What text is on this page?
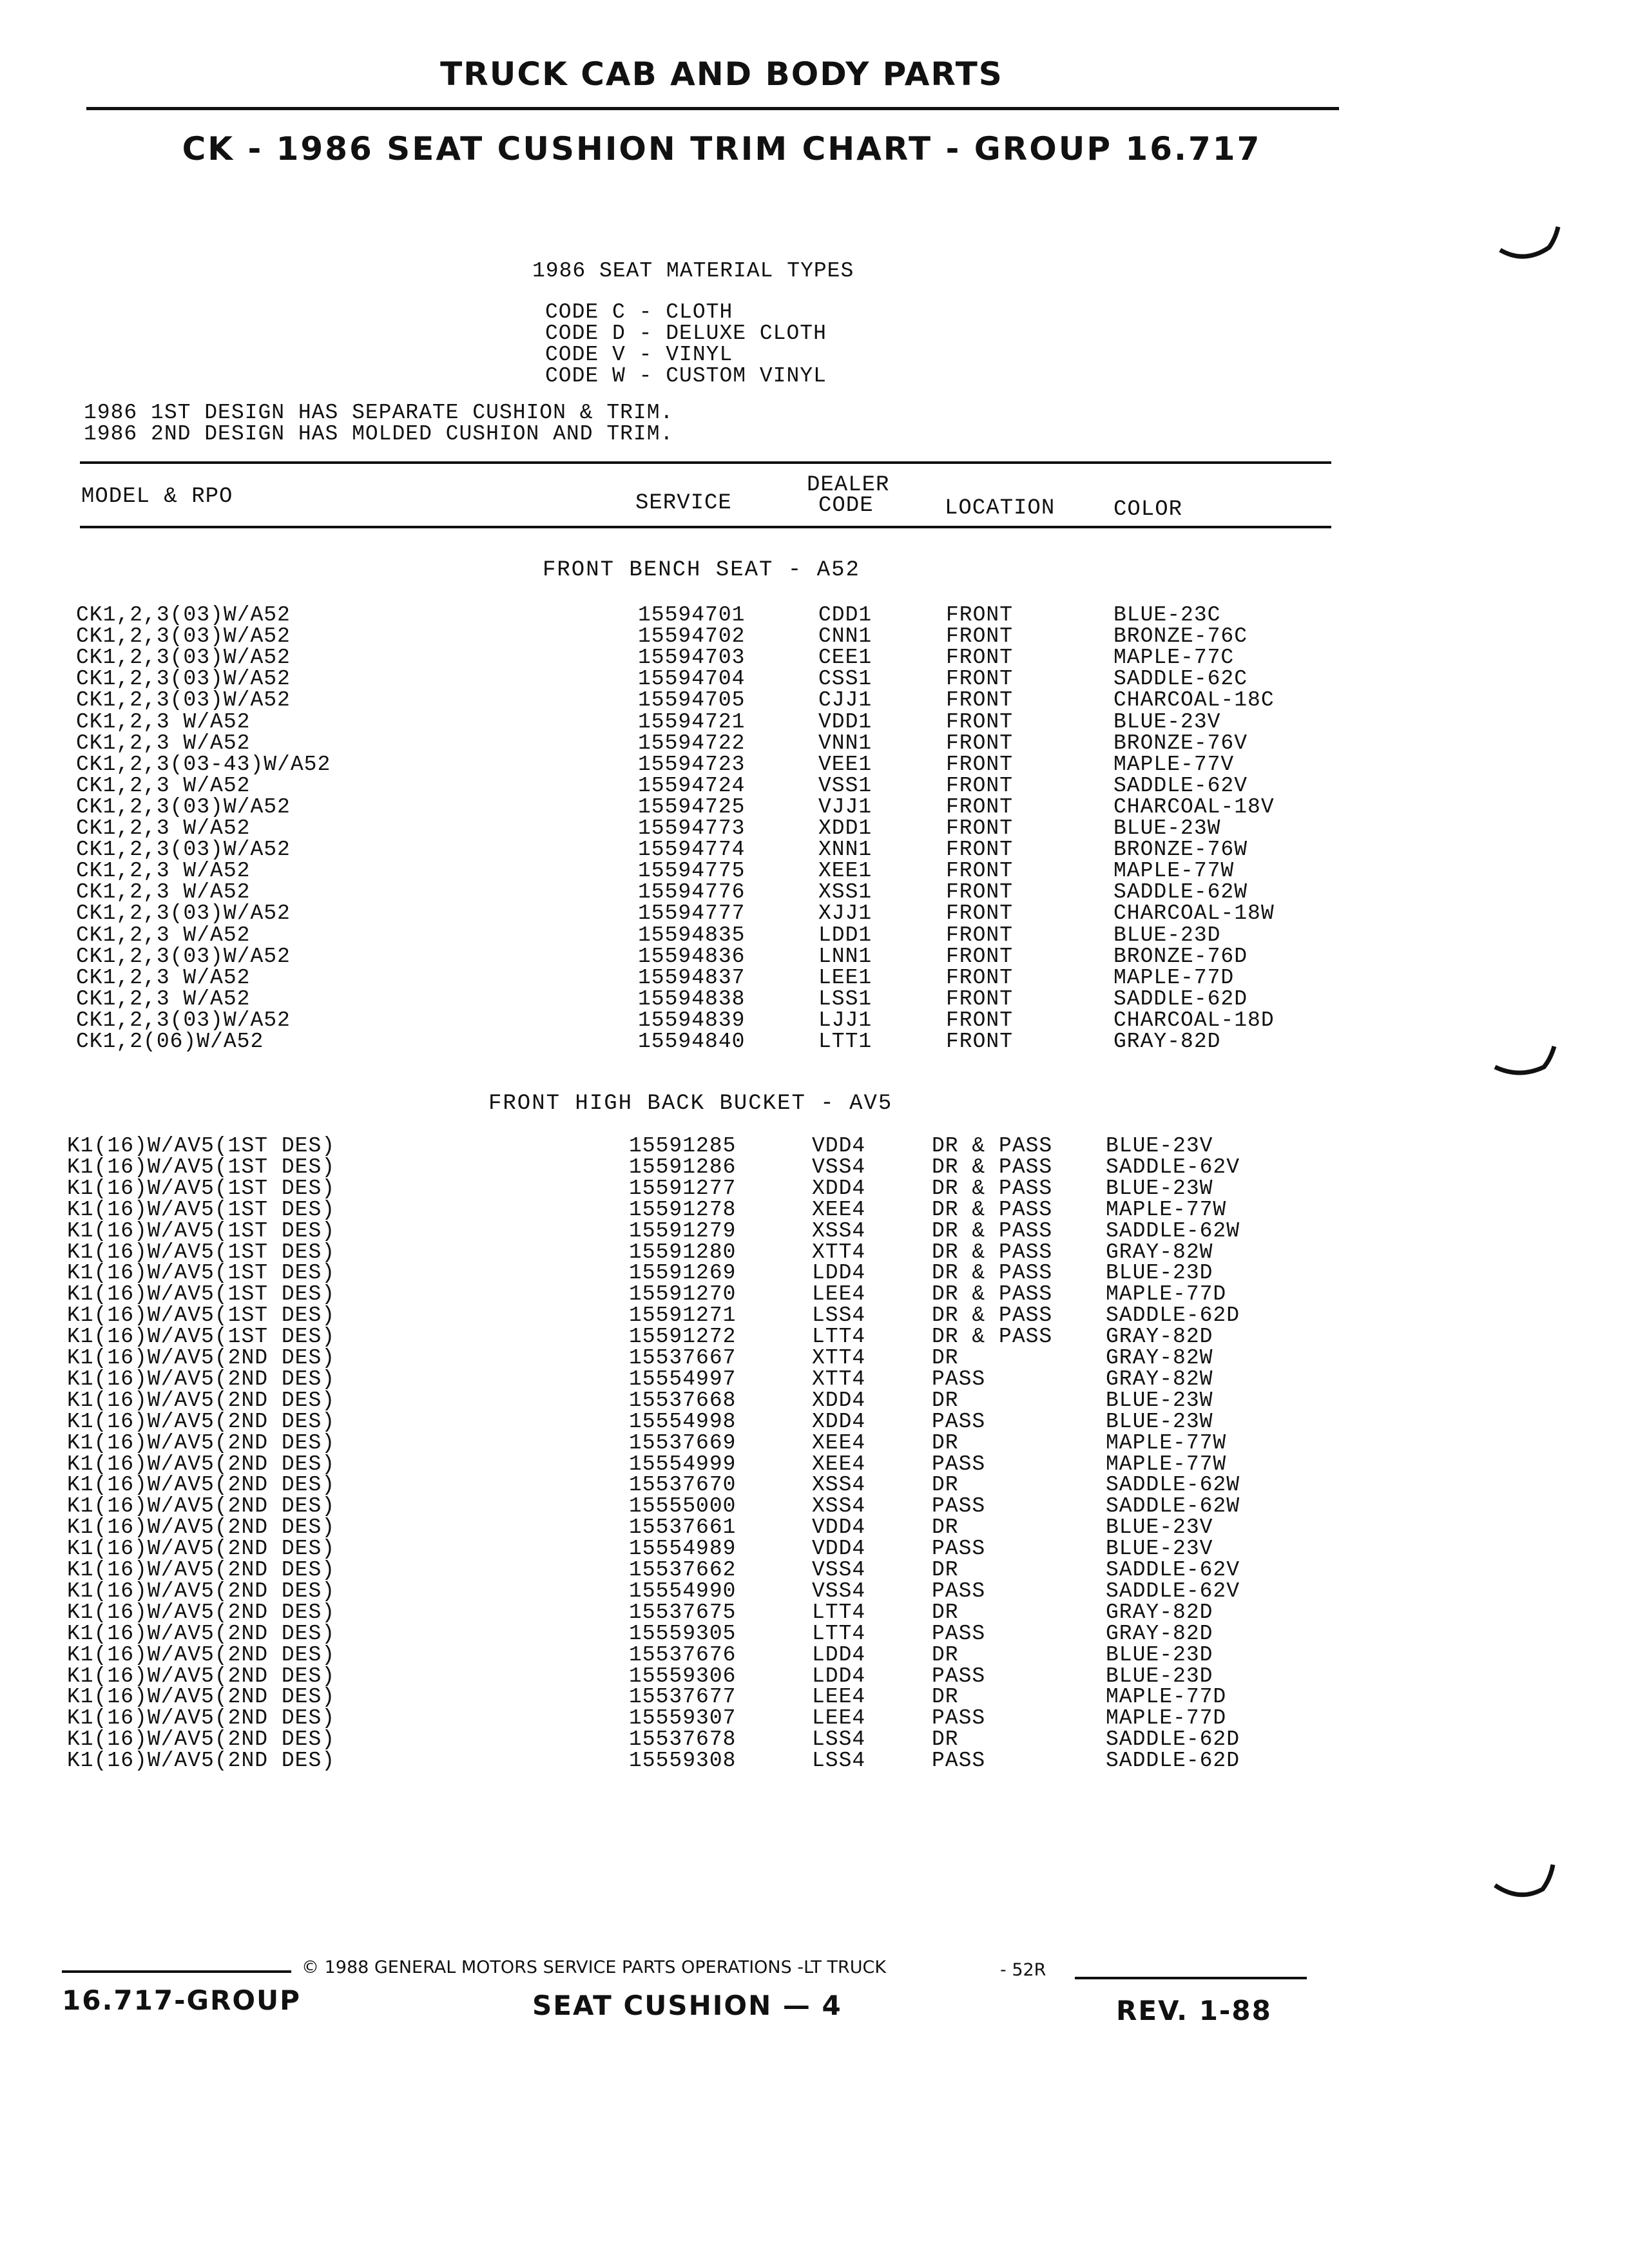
TRUCK CAB AND BODY PARTS
CK - 1986 SEAT CUSHION TRIM CHART - GROUP 16.717
1986 SEAT MATERIAL TYPES
CODE C - CLOTH
CODE D - DELUXE CLOTH
CODE V - VINYL
CODE W - CUSTOM VINYL
1986 1ST DESIGN HAS SEPARATE CUSHION & TRIM.
1986 2ND DESIGN HAS MOLDED CUSHION AND TRIM.
MODEL & RPO	SERVICE
DEALER
CODE	LOCATION	COLOR
FRONT BENCH SEAT - A52
CK1,2,3(03)W/A52	15594701	CDD1	FRONT	BLUE-23C
CK1,2,3(03)W/A52	15594702	CNN1	FRONT	BRONZE-76C
CK1,2,3(03)W/A52	15594703	CEE1	FRONT	MAPLE-77C
CK1,2,3(03)W/A52	15594704	CSS1	FRONT	SADDLE-62C
CK1,2,3(03)W/A52	15594705	CJJ1	FRONT	CHARCOAL-18C
CK1,2,3 W/A52	15594721	VDD1	FRONT	BLUE-23V
CK1,2,3 W/A52	15594722	VNN1	FRONT	BRONZE-76V
CK1,2,3(03-43)W/A52	15594723	VEE1	FRONT	MAPLE-77V
CK1,2,3 W/A52	15594724	VSS1	FRONT	SADDLE-62V
CK1,2,3(03)W/A52	15594725	VJJ1	FRONT	CHARCOAL-18V
CK1,2,3 W/A52	15594773	XDD1	FRONT	BLUE-23W
CK1,2,3(03)W/A52	15594774	XNN1	FRONT	BRONZE-76W
CK1,2,3 W/A52	15594775	XEE1	FRONT	MAPLE-77W
CK1,2,3 W/A52	15594776	XSS1	FRONT	SADDLE-62W
CK1,2,3(03)W/A52	15594777	XJJ1	FRONT	CHARCOAL-18W
CK1,2,3 W/A52	15594835	LDD1	FRONT	BLUE-23D
CK1,2,3(03)W/A52	15594836	LNN1	FRONT	BRONZE-76D
CK1,2,3 W/A52	15594837	LEE1	FRONT	MAPLE-77D
CK1,2,3 W/A52	15594838	LSS1	FRONT	SADDLE-62D
CK1,2,3(03)W/A52	15594839	LJJ1	FRONT	CHARCOAL-18D
CK1,2(06)W/A52	15594840	LTT1	FRONT	GRAY-82D
FRONT HIGH BACK BUCKET - AV5
K1(16)W/AV5(1ST DES)	15591285	VDD4	DR & PASS	BLUE-23V
K1(16)W/AV5(1ST DES)	15591286	VSS4	DR & PASS	SADDLE-62V
K1(16)W/AV5(1ST DES)	15591277	XDD4	DR & PASS	BLUE-23W
K1(16)W/AV5(1ST DES)	15591278	XEE4	DR & PASS	MAPLE-77W
K1(16)W/AV5(1ST DES)	15591279	XSS4	DR & PASS	SADDLE-62W
K1(16)W/AV5(1ST DES)	15591280	XTT4	DR & PASS	GRAY-82W
K1(16)W/AV5(1ST DES)	15591269	LDD4	DR & PASS	BLUE-23D
K1(16)W/AV5(1ST DES)	15591270	LEE4	DR & PASS	MAPLE-77D
K1(16)W/AV5(1ST DES)	15591271	LSS4	DR & PASS	SADDLE-62D
K1(16)W/AV5(1ST DES)	15591272	LTT4	DR & PASS	GRAY-82D
K1(16)W/AV5(2ND DES)	15537667	XTT4	DR	GRAY-82W
K1(16)W/AV5(2ND DES)	15554997	XTT4	PASS	GRAY-82W
K1(16)W/AV5(2ND DES)	15537668	XDD4	DR	BLUE-23W
K1(16)W/AV5(2ND DES)	15554998	XDD4	PASS	BLUE-23W
K1(16)W/AV5(2ND DES)	15537669	XEE4	DR	MAPLE-77W
K1(16)W/AV5(2ND DES)	15554999	XEE4	PASS	MAPLE-77W
K1(16)W/AV5(2ND DES)	15537670	XSS4	DR	SADDLE-62W
K1(16)W/AV5(2ND DES)	15555000	XSS4	PASS	SADDLE-62W
K1(16)W/AV5(2ND DES)	15537661	VDD4	DR	BLUE-23V
K1(16)W/AV5(2ND DES)	15554989	VDD4	PASS	BLUE-23V
K1(16)W/AV5(2ND DES)	15537662	VSS4	DR	SADDLE-62V
K1(16)W/AV5(2ND DES)	15554990	VSS4	PASS	SADDLE-62V
K1(16)W/AV5(2ND DES)	15537675	LTT4	DR	GRAY-82D
K1(16)W/AV5(2ND DES)	15559305	LTT4	PASS	GRAY-82D
K1(16)W/AV5(2ND DES)	15537676	LDD4	DR	BLUE-23D
K1(16)W/AV5(2ND DES)	15559306	LDD4	PASS	BLUE-23D
K1(16)W/AV5(2ND DES)	15537677	LEE4	DR	MAPLE-77D
K1(16)W/AV5(2ND DES)	15559307	LEE4	PASS	MAPLE-77D
K1(16)W/AV5(2ND DES)	15537678	LSS4	DR	SADDLE-62D
K1(16)W/AV5(2ND DES)	15559308	LSS4	PASS	SADDLE-62D
© 1988 GENERAL MOTORS SERVICE PARTS OPERATIONS -LT TRUCK	- 52R
16.717-GROUP	SEAT CUSHION — 4	REV. 1-88
